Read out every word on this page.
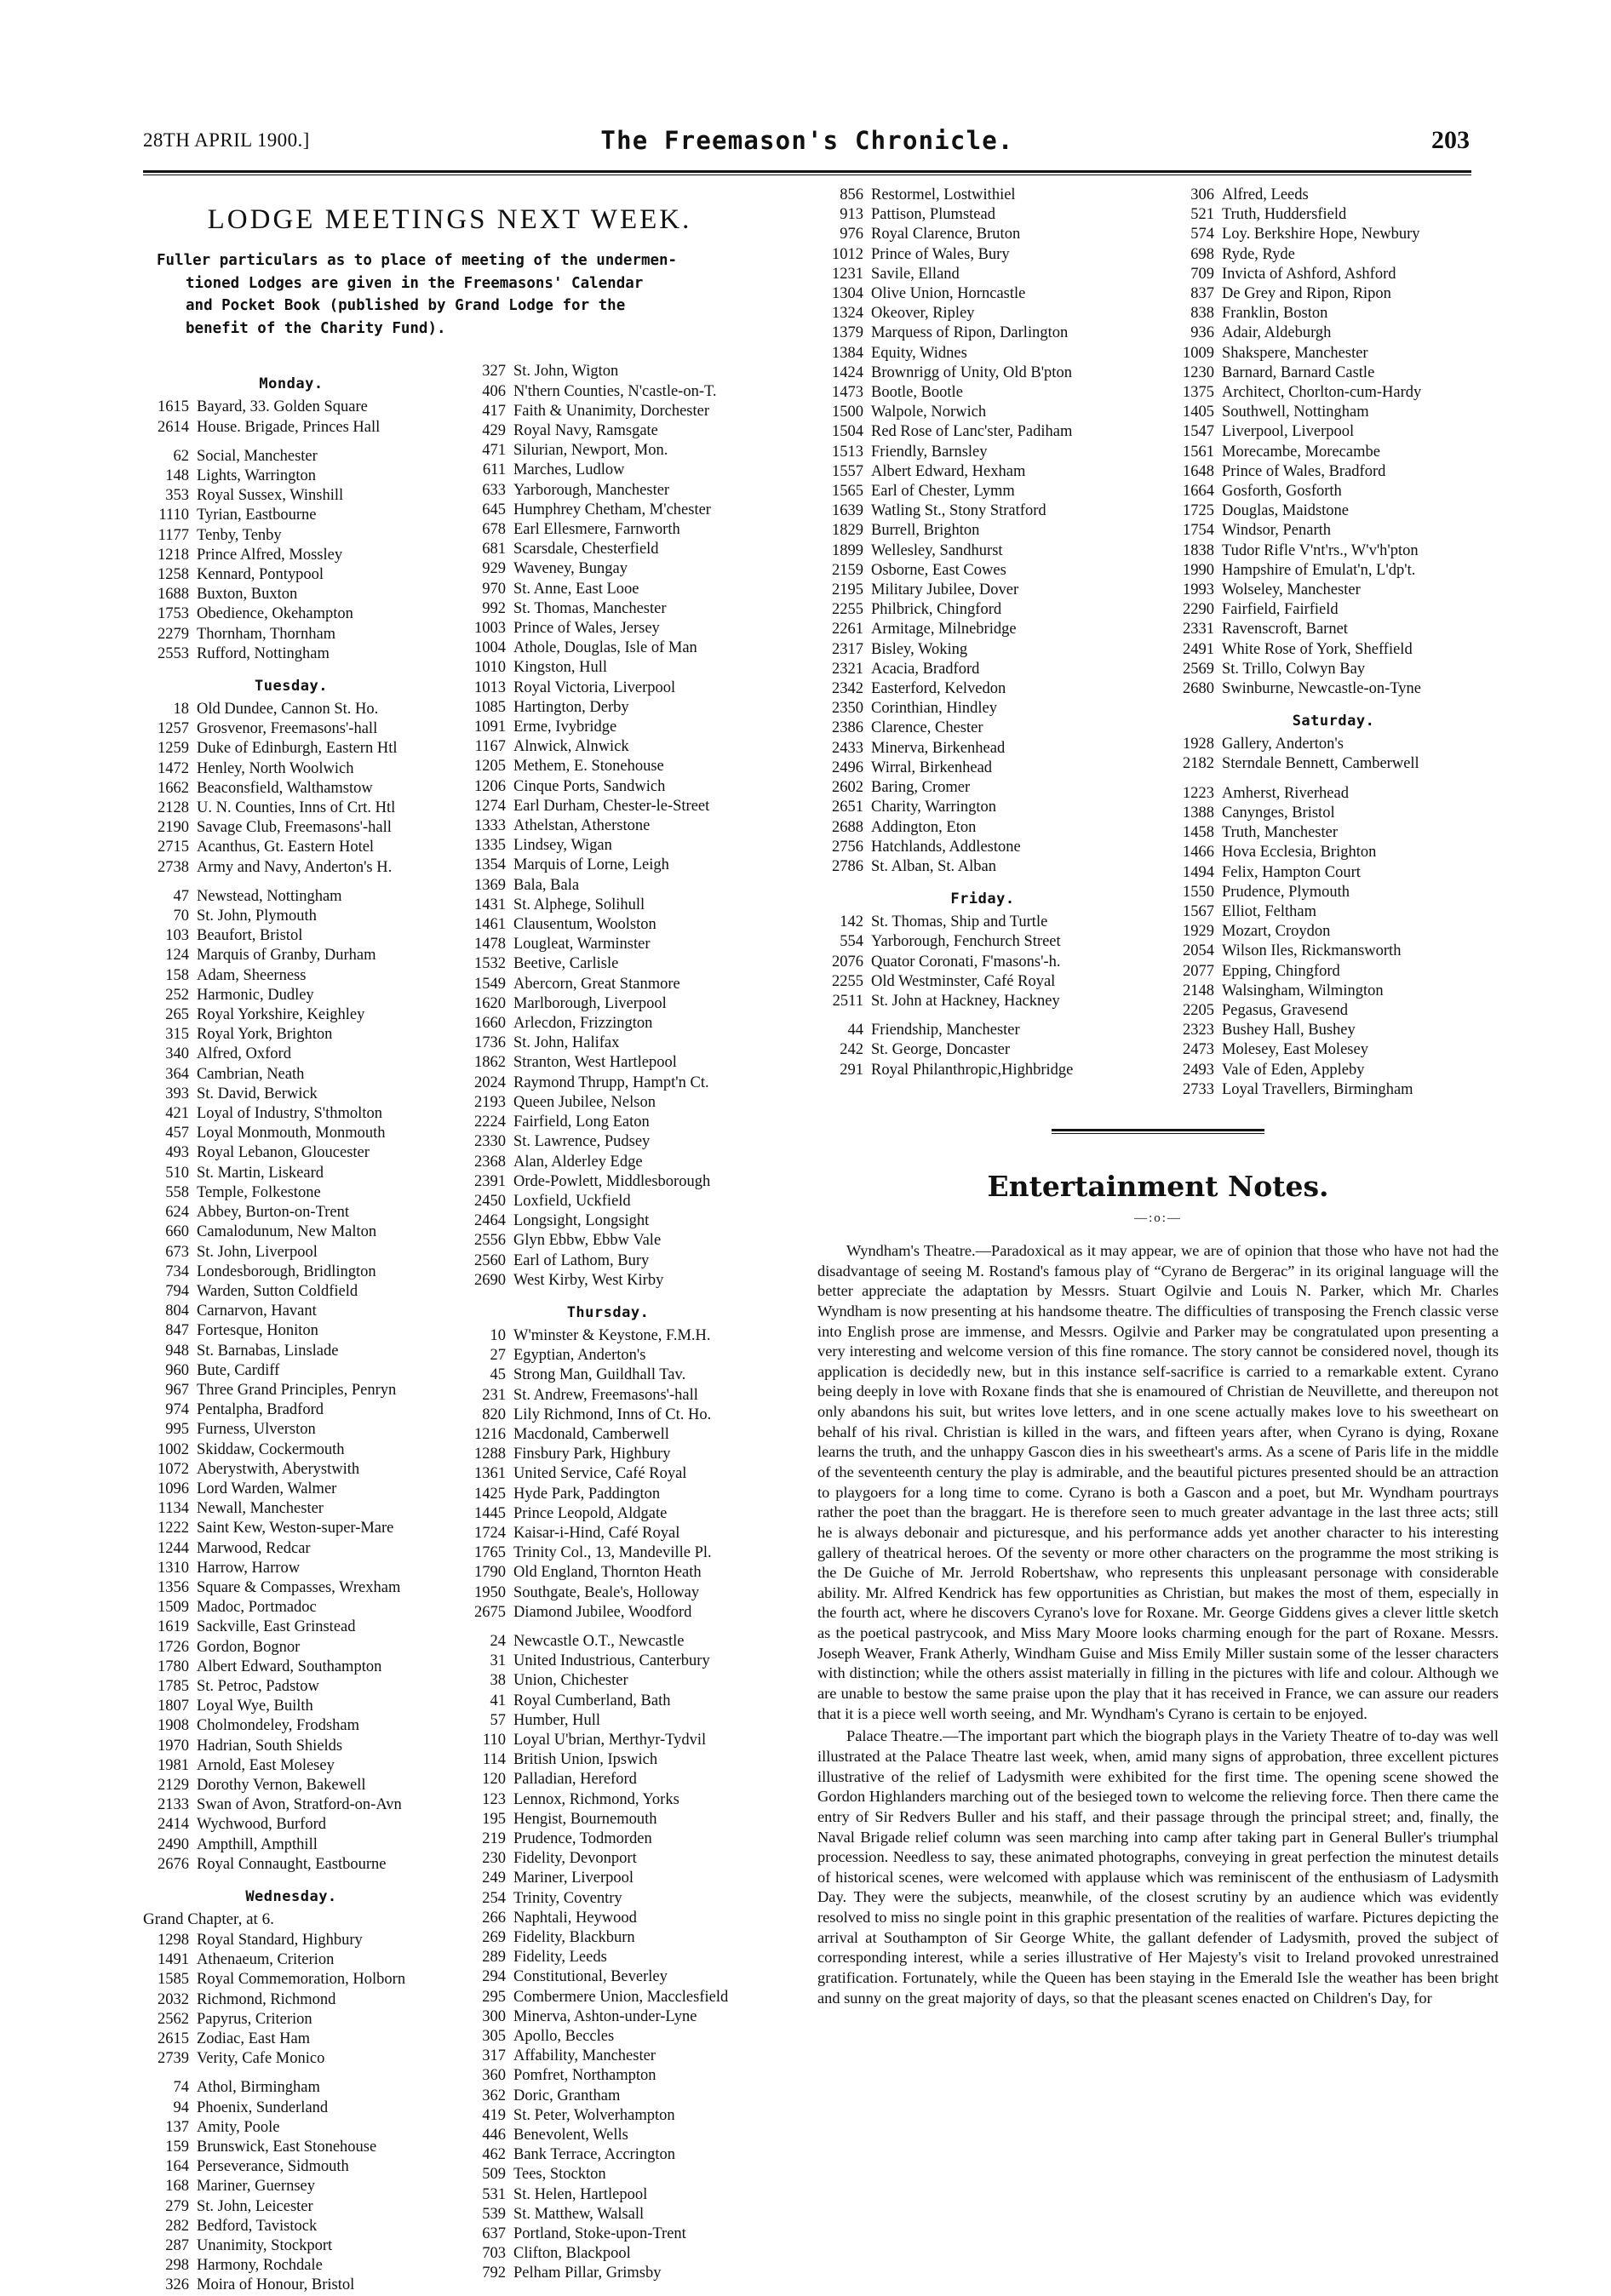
28TH APRIL 1900.]	The Freemason's Chronicle.	203
LODGE MEETINGS NEXT WEEK.
Fuller particulars as to place of meeting of the undermen-
tioned Lodges are given in the Freemasons' Calendar
and Pocket Book (published by Grand Lodge for the
benefit of the Charity Fund).
Monday.
1615 Bayard, 33. Golden Square
2614 House. Brigade, Princes Hall
62 Social, Manchester
148 Lights, Warrington
353 Royal Sussex, Winshill
1110 Tyrian, Eastbourne
1177 Tenby, Tenby
1218 Prince Alfred, Mossley
1258 Kennard, Pontypool
1688 Buxton, Buxton
1753 Obedience, Okehampton
2279 Thornham, Thornham
2553 Rufford, Nottingham
Tuesday.
18 Old Dundee, Cannon St. Ho.
1257 Grosvenor, Freemasons'-hall
1259 Duke of Edinburgh, Eastern Htl
1472 Henley, North Woolwich
1662 Beaconsfield, Walthamstow
2128 U. N. Counties, Inns of Crt. Htl
2190 Savage Club, Freemasons'-hall
2715 Acanthus, Gt. Eastern Hotel
2738 Army and Navy, Anderton's H.
47 Newstead, Nottingham
70 St. John, Plymouth
103 Beaufort, Bristol
124 Marquis of Granby, Durham
158 Adam, Sheerness
252 Harmonic, Dudley
265 Royal Yorkshire, Keighley
315 Royal York, Brighton
340 Alfred, Oxford
364 Cambrian, Neath
393 St. David, Berwick
421 Loyal of Industry, S'thmolton
457 Loyal Monmouth, Monmouth
493 Royal Lebanon, Gloucester
510 St. Martin, Liskeard
558 Temple, Folkestone
624 Abbey, Burton-on-Trent
660 Camalodunum, New Malton
673 St. John, Liverpool
734 Londesborough, Bridlington
794 Warden, Sutton Coldfield
804 Carnarvon, Havant
847 Fortesque, Honiton
948 St. Barnabas, Linslade
960 Bute, Cardiff
967 Three Grand Principles, Penryn
974 Pentalpha, Bradford
995 Furness, Ulverston
1002 Skiddaw, Cockermouth
1072 Aberystwith, Aberystwith
1096 Lord Warden, Walmer
1134 Newall, Manchester
1222 Saint Kew, Weston-super-Mare
1244 Marwood, Redcar
1310 Harrow, Harrow
1356 Square & Compasses, Wrexham
1509 Madoc, Portmadoc
1619 Sackville, East Grinstead
1726 Gordon, Bognor
1780 Albert Edward, Southampton
1785 St. Petroc, Padstow
1807 Loyal Wye, Builth
1908 Cholmondeley, Frodsham
1970 Hadrian, South Shields
1981 Arnold, East Molesey
2129 Dorothy Vernon, Bakewell
2133 Swan of Avon, Stratford-on-Avn
2414 Wychwood, Burford
2490 Ampthill, Ampthill
2676 Royal Connaught, Eastbourne
Wednesday.
Grand Chapter, at 6.
1298 Royal Standard, Highbury
1491 Athenaeum, Criterion
1585 Royal Commemoration, Holborn
2032 Richmond, Richmond
2562 Papyrus, Criterion
2615 Zodiac, East Ham
2739 Verity, Cafe Monico
74 Athol, Birmingham
94 Phoenix, Sunderland
137 Amity, Poole
159 Brunswick, East Stonehouse
164 Perseverance, Sidmouth
168 Mariner, Guernsey
279 St. John, Leicester
282 Bedford, Tavistock
287 Unanimity, Stockport
298 Harmony, Rochdale
326 Moira of Honour, Bristol
327 St. John, Wigton
406 N'thern Counties, N'castle-on-T.
417 Faith & Unanimity, Dorchester
429 Royal Navy, Ramsgate
471 Silurian, Newport, Mon.
611 Marches, Ludlow
633 Yarborough, Manchester
645 Humphrey Chetham, M'chester
678 Earl Ellesmere, Farnworth
681 Scarsdale, Chesterfield
929 Waveney, Bungay
970 St. Anne, East Looe
992 St. Thomas, Manchester
1003 Prince of Wales, Jersey
1004 Athole, Douglas, Isle of Man
1010 Kingston, Hull
1013 Royal Victoria, Liverpool
1085 Hartington, Derby
1091 Erme, Ivybridge
1167 Alnwick, Alnwick
1205 Methem, E. Stonehouse
1206 Cinque Ports, Sandwich
1274 Earl Durham, Chester-le-Street
1333 Athelstan, Atherstone
1335 Lindsey, Wigan
1354 Marquis of Lorne, Leigh
1369 Bala, Bala
1431 St. Alphege, Solihull
1461 Clausentum, Woolston
1478 Lougleat, Warminster
1532 Beetive, Carlisle
1549 Abercorn, Great Stanmore
1620 Marlborough, Liverpool
1660 Arlecdon, Frizzington
1736 St. John, Halifax
1862 Stranton, West Hartlepool
2024 Raymond Thrupp, Hampt'n Ct.
2193 Queen Jubilee, Nelson
2224 Fairfield, Long Eaton
2330 St. Lawrence, Pudsey
2368 Alan, Alderley Edge
2391 Orde-Powlett, Middlesborough
2450 Loxfield, Uckfield
2464 Longsight, Longsight
2556 Glyn Ebbw, Ebbw Vale
2560 Earl of Lathom, Bury
2690 West Kirby, West Kirby
Thursday.
10 W'minster & Keystone, F.M.H.
27 Egyptian, Anderton's
45 Strong Man, Guildhall Tav.
231 St. Andrew, Freemasons'-hall
820 Lily Richmond, Inns of Ct. Ho.
1216 Macdonald, Camberwell
1288 Finsbury Park, Highbury
1361 United Service, Café Royal
1425 Hyde Park, Paddington
1445 Prince Leopold, Aldgate
1724 Kaisar-i-Hind, Café Royal
1765 Trinity Col., 13, Mandeville Pl.
1790 Old England, Thornton Heath
1950 Southgate, Beale's, Holloway
2675 Diamond Jubilee, Woodford
24 Newcastle O.T., Newcastle
31 United Industrious, Canterbury
38 Union, Chichester
41 Royal Cumberland, Bath
57 Humber, Hull
110 Loyal U'brian, Merthyr-Tydvil
114 British Union, Ipswich
120 Palladian, Hereford
123 Lennox, Richmond, Yorks
195 Hengist, Bournemouth
219 Prudence, Todmorden
230 Fidelity, Devonport
249 Mariner, Liverpool
254 Trinity, Coventry
266 Naphtali, Heywood
269 Fidelity, Blackburn
289 Fidelity, Leeds
294 Constitutional, Beverley
295 Combermere Union, Macclesfield
300 Minerva, Ashton-under-Lyne
305 Apollo, Beccles
317 Affability, Manchester
360 Pomfret, Northampton
362 Doric, Grantham
419 St. Peter, Wolverhampton
446 Benevolent, Wells
462 Bank Terrace, Accrington
509 Tees, Stockton
531 St. Helen, Hartlepool
539 St. Matthew, Walsall
637 Portland, Stoke-upon-Trent
703 Clifton, Blackpool
792 Pelham Pillar, Grimsby
856 Restormel, Lostwithiel
913 Pattison, Plumstead
976 Royal Clarence, Bruton
1012 Prince of Wales, Bury
1231 Savile, Elland
1304 Olive Union, Horncastle
1324 Okeover, Ripley
1379 Marquess of Ripon, Darlington
1384 Equity, Widnes
1424 Brownrigg of Unity, Old B'pton
1473 Bootle, Bootle
1500 Walpole, Norwich
1504 Red Rose of Lanc'ster, Padiham
1513 Friendly, Barnsley
1557 Albert Edward, Hexham
1565 Earl of Chester, Lymm
1639 Watling St., Stony Stratford
1829 Burrell, Brighton
1899 Wellesley, Sandhurst
2159 Osborne, East Cowes
2195 Military Jubilee, Dover
2255 Philbrick, Chingford
2261 Armitage, Milnebridge
2317 Bisley, Woking
2321 Acacia, Bradford
2342 Easterford, Kelvedon
2350 Corinthian, Hindley
2386 Clarence, Chester
2433 Minerva, Birkenhead
2496 Wirral, Birkenhead
2602 Baring, Cromer
2651 Charity, Warrington
2688 Addington, Eton
2756 Hatchlands, Addlestone
2786 St. Alban, St. Alban
Friday.
142 St. Thomas, Ship and Turtle
554 Yarborough, Fenchurch Street
2076 Quator Coronati, F'masons'-h.
2255 Old Westminster, Café Royal
2511 St. John at Hackney, Hackney
44 Friendship, Manchester
242 St. George, Doncaster
291 Royal Philanthropic,Highbridge
306 Alfred, Leeds
521 Truth, Huddersfield
574 Loy. Berkshire Hope, Newbury
698 Ryde, Ryde
709 Invicta of Ashford, Ashford
837 De Grey and Ripon, Ripon
838 Franklin, Boston
936 Adair, Aldeburgh
1009 Shakspere, Manchester
1230 Barnard, Barnard Castle
1375 Architect, Chorlton-cum-Hardy
1405 Southwell, Nottingham
1547 Liverpool, Liverpool
1561 Morecambe, Morecambe
1648 Prince of Wales, Bradford
1664 Gosforth, Gosforth
1725 Douglas, Maidstone
1754 Windsor, Penarth
1838 Tudor Rifle V'nt'rs., W'v'h'pton
1990 Hampshire of Emulat'n, L'dp't.
1993 Wolseley, Manchester
2290 Fairfield, Fairfield
2331 Ravenscroft, Barnet
2491 White Rose of York, Sheffield
2569 St. Trillo, Colwyn Bay
2680 Swinburne, Newcastle-on-Tyne
Saturday.
1928 Gallery, Anderton's
2182 Sterndale Bennett, Camberwell
1223 Amherst, Riverhead
1388 Canynges, Bristol
1458 Truth, Manchester
1466 Hova Ecclesia, Brighton
1494 Felix, Hampton Court
1550 Prudence, Plymouth
1567 Elliot, Feltham
1929 Mozart, Croydon
2054 Wilson Iles, Rickmansworth
2077 Epping, Chingford
2148 Walsingham, Wilmington
2205 Pegasus, Gravesend
2323 Bushey Hall, Bushey
2473 Molesey, East Molesey
2493 Vale of Eden, Appleby
2733 Loyal Travellers, Birmingham
Entertainment Notes.
—:o:—

Wyndham's Theatre.—Paradoxical as it may appear, we are of opinion that those who have not had the disadvantage of seeing M. Rostand's famous play of “Cyrano de Bergerac” in its original language will the better appreciate the adaptation by Messrs. Stuart Ogilvie and Louis N. Parker, which Mr. Charles Wyndham is now presenting at his handsome theatre. The difficulties of transposing the French classic verse into English prose are immense, and Messrs. Ogilvie and Parker may be congratulated upon presenting a very interesting and welcome version of this fine romance. The story cannot be considered novel, though its application is decidedly new, but in this instance self-sacrifice is carried to a remarkable extent. Cyrano being deeply in love with Roxane finds that she is enamoured of Christian de Neuvillette, and thereupon not only abandons his suit, but writes love letters, and in one scene actually makes love to his sweetheart on behalf of his rival. Christian is killed in the wars, and fifteen years after, when Cyrano is dying, Roxane learns the truth, and the unhappy Gascon dies in his sweetheart's arms. As a scene of Paris life in the middle of the seventeenth century the play is admirable, and the beautiful pictures presented should be an attraction to playgoers for a long time to come. Cyrano is both a Gascon and a poet, but Mr. Wyndham pourtrays rather the poet than the braggart. He is therefore seen to much greater advantage in the last three acts; still he is always debonair and picturesque, and his performance adds yet another character to his interesting gallery of theatrical heroes. Of the seventy or more other characters on the programme the most striking is the De Guiche of Mr. Jerrold Robertshaw, who represents this unpleasant personage with considerable ability. Mr. Alfred Kendrick has few opportunities as Christian, but makes the most of them, especially in the fourth act, where he discovers Cyrano's love for Roxane. Mr. George Giddens gives a clever little sketch as the poetical pastrycook, and Miss Mary Moore looks charming enough for the part of Roxane. Messrs. Joseph Weaver, Frank Atherly, Windham Guise and Miss Emily Miller sustain some of the lesser characters with distinction; while the others assist materially in filling in the pictures with life and colour. Although we are unable to bestow the same praise upon the play that it has received in France, we can assure our readers that it is a piece well worth seeing, and Mr. Wyndham's Cyrano is certain to be enjoyed.

Palace Theatre.—The important part which the biograph plays in the Variety Theatre of to-day was well illustrated at the Palace Theatre last week, when, amid many signs of approbation, three excellent pictures illustrative of the relief of Ladysmith were exhibited for the first time. The opening scene showed the Gordon Highlanders marching out of the besieged town to welcome the relieving force. Then there came the entry of Sir Redvers Buller and his staff, and their passage through the principal street; and, finally, the Naval Brigade relief column was seen marching into camp after taking part in General Buller's triumphal procession. Needless to say, these animated photographs, conveying in great perfection the minutest details of historical scenes, were welcomed with applause which was reminiscent of the enthusiasm of Ladysmith Day. They were the subjects, meanwhile, of the closest scrutiny by an audience which was evidently resolved to miss no single point in this graphic presentation of the realities of warfare. Pictures depicting the arrival at Southampton of Sir George White, the gallant defender of Ladysmith, proved the subject of corresponding interest, while a series illustrative of Her Majesty's visit to Ireland provoked unrestrained gratification. Fortunately, while the Queen has been staying in the Emerald Isle the weather has been bright and sunny on the great majority of days, so that the pleasant scenes enacted on Children's Day, for
